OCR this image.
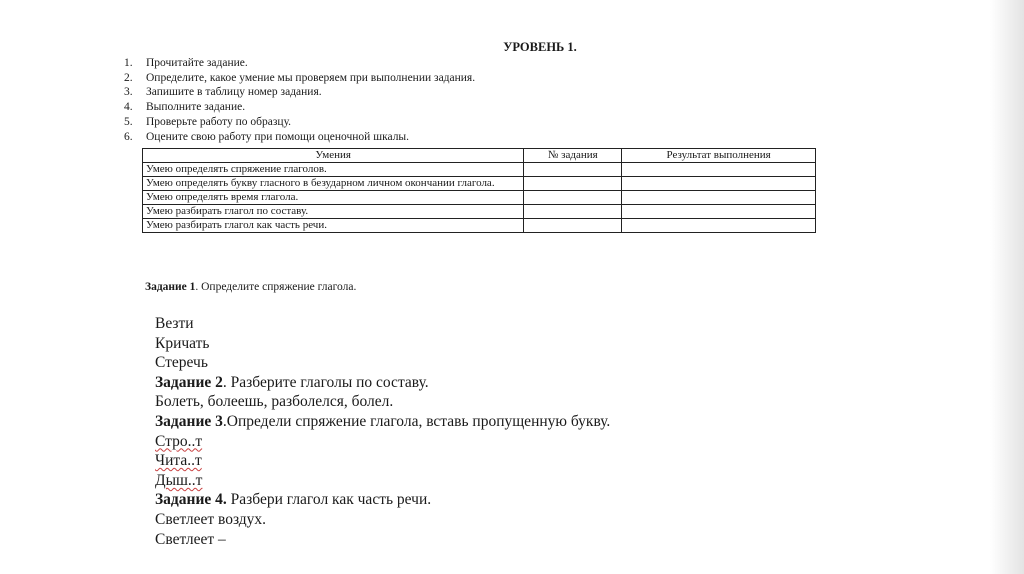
УРОВЕНЬ 1.
1. Прочитайте задание.
2. Определите, какое умение мы проверяем при выполнении задания.
3. Запишите в таблицу номер задания.
4. Выполните задание.
5. Проверьте работу по образцу.
6. Оцените свою работу при помощи оценочной шкалы.
Умения	№ задания	Результат выполнения
Умею определять спряжение глаголов.		
Умею определять букву гласного в безударном личном окончании глагола.		
Умею определять время глагола.		
Умею разбирать глагол по составу.		
Умею разбирать глагол как часть речи.		
Задание 1. Определите спряжение глагола.
Везти
Кричать
Стеречь
Задание 2. Разберите глаголы по составу.
Болеть, болеешь, разболелся, болел.
Задание 3.Определи спряжение глагола, вставь пропущенную букву.
Стро..т
Чита..т
Дыш..т
Задание 4. Разбери глагол как часть речи.
Светлеет воздух.
Светлеет –
